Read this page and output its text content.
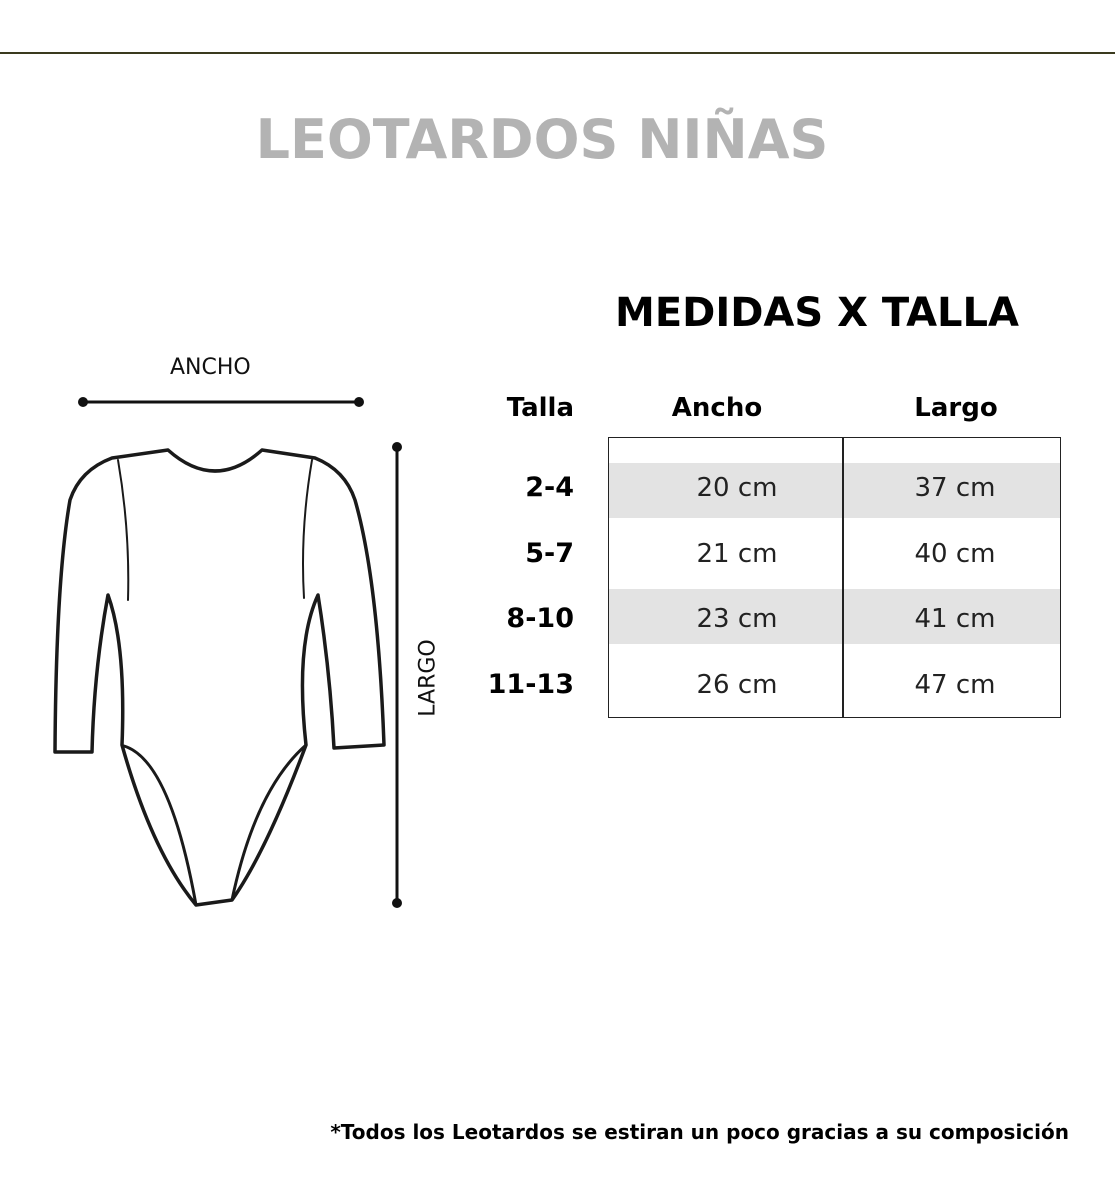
LEOTARDOS NIÑAS
ANCHO
LARGO
MEDIDAS X TALLA
Talla	Ancho	Largo
2-4	20 cm	37 cm
5-7	21 cm	40 cm
8-10	23 cm	41 cm
11-13	26 cm	47 cm
*Todos los Leotardos se estiran un poco gracias a su composición
